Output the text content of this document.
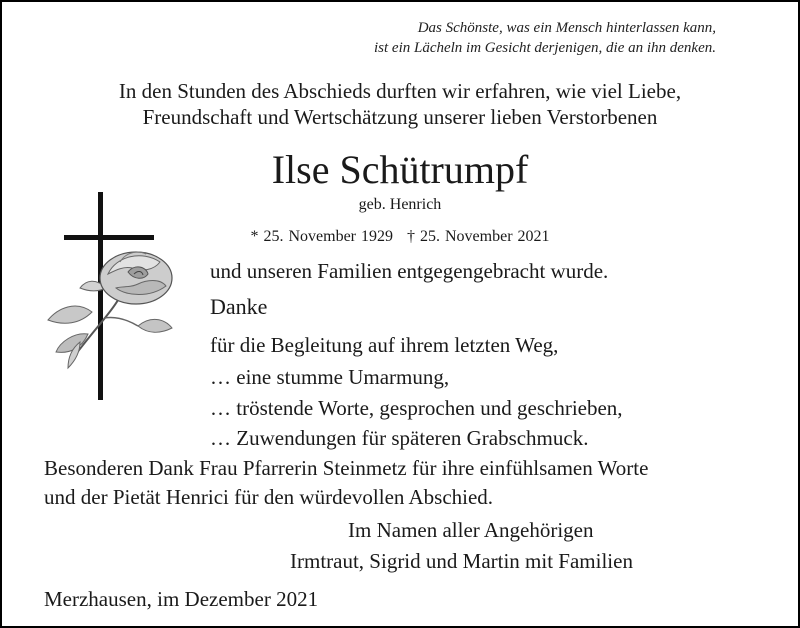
Das Schönste, was ein Mensch hinterlassen kann,
ist ein Lächeln im Gesicht derjenigen, die an ihn denken.
In den Stunden des Abschieds durften wir erfahren, wie viel Liebe,
Freundschaft und Wertschätzung unserer lieben Verstorbenen
Ilse Schütrumpf
geb. Henrich
* 25. November 1929 † 25. November 2021
und unseren Familien entgegengebracht wurde.
Danke
für die Begleitung auf ihrem letzten Weg,
… eine stumme Umarmung,
… tröstende Worte, gesprochen und geschrieben,
… Zuwendungen für späteren Grabschmuck.
Besonderen Dank Frau Pfarrerin Steinmetz für ihre einfühlsamen Worte
und der Pietät Henrici für den würdevollen Abschied.
Im Namen aller Angehörigen
Irmtraut, Sigrid und Martin mit Familien
Merzhausen, im Dezember 2021
